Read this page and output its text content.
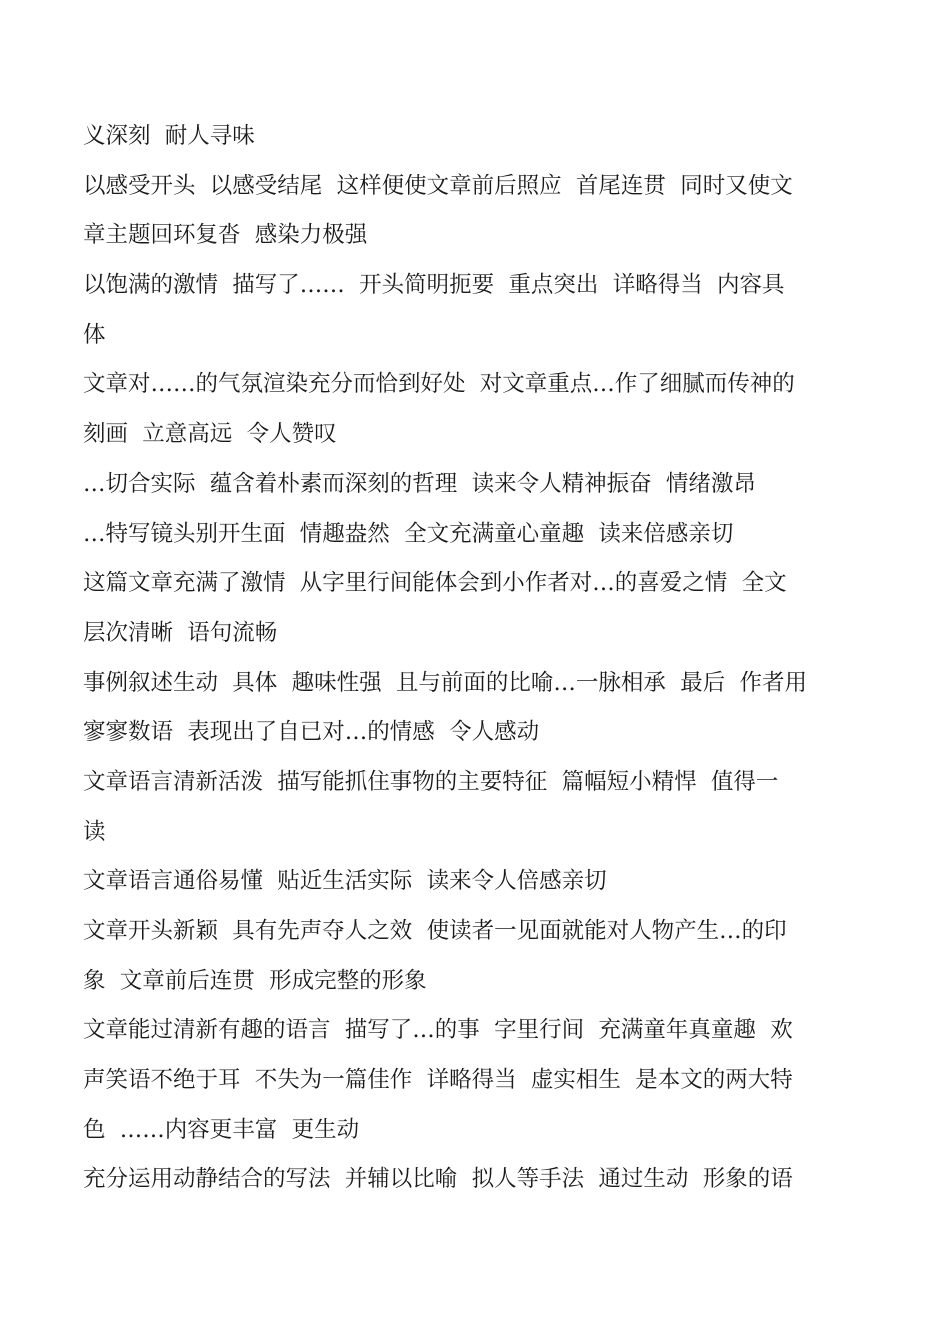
义深刻  耐人寻味
以感受开头  以感受结尾  这样便使文章前后照应  首尾连贯  同时又使文
章主题回环复沓  感染力极强
以饱满的激情  描写了……  开头简明扼要  重点突出  详略得当  内容具
体
文章对……的气氛渲染充分而恰到好处  对文章重点…作了细腻而传神的
刻画  立意高远  令人赞叹
…切合实际  蕴含着朴素而深刻的哲理  读来令人精神振奋  情绪激昂
…特写镜头别开生面  情趣盎然  全文充满童心童趣  读来倍感亲切
这篇文章充满了激情  从字里行间能体会到小作者对…的喜爱之情  全文
层次清晰  语句流畅
事例叙述生动  具体  趣味性强  且与前面的比喻…一脉相承  最后  作者用
寥寥数语  表现出了自已对…的情感  令人感动
文章语言清新活泼  描写能抓住事物的主要特征  篇幅短小精悍  值得一
读
文章语言通俗易懂  贴近生活实际  读来令人倍感亲切
文章开头新颖  具有先声夺人之效  使读者一见面就能对人物产生…的印
象  文章前后连贯  形成完整的形象
文章能过清新有趣的语言  描写了…的事  字里行间  充满童年真童趣  欢
声笑语不绝于耳  不失为一篇佳作  详略得当  虚实相生  是本文的两大特
色  ……内容更丰富  更生动
充分运用动静结合的写法  并辅以比喻  拟人等手法  通过生动  形象的语
